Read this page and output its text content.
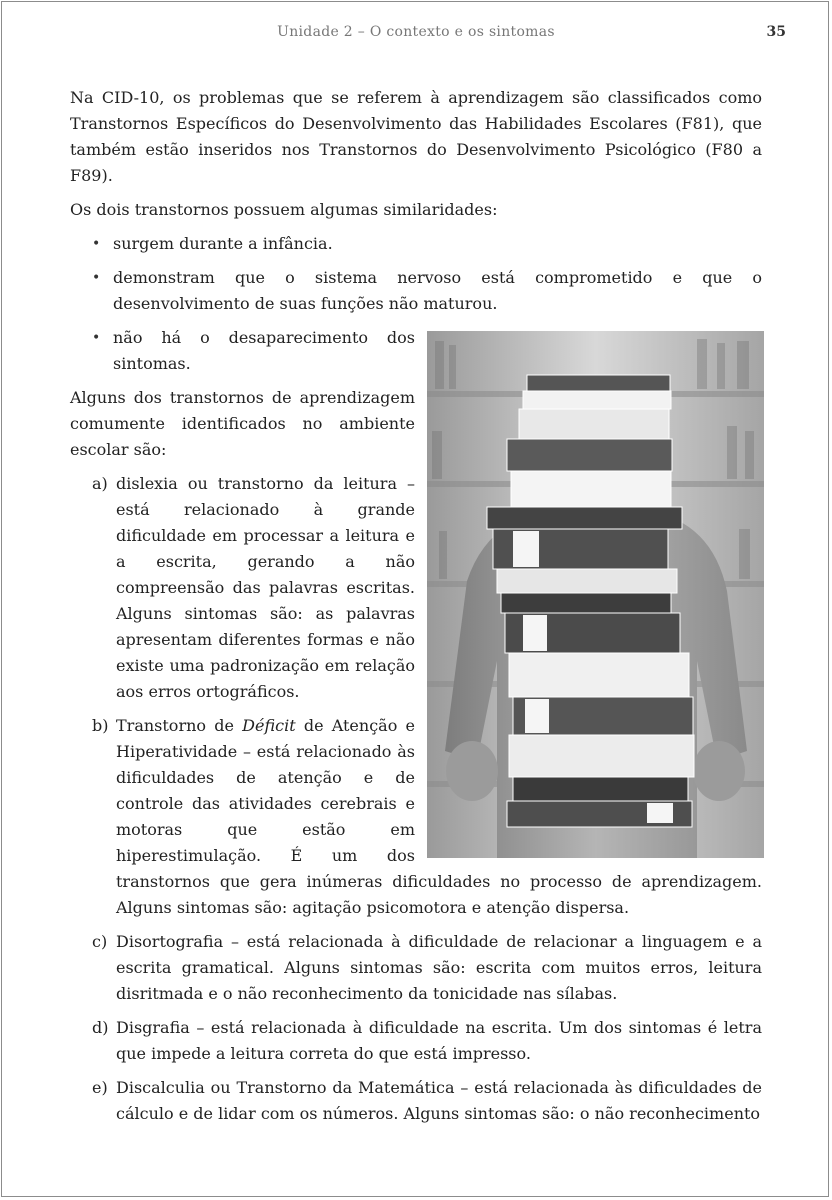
Unidade 2 – O contexto e os sintomas	35

Na CID-10, os problemas que se referem à aprendizagem são classificados como Transtornos Específicos do Desenvolvimento das Habilidades Escolares (F81), que também estão inseridos nos Transtornos do Desenvolvimento Psicológico (F80 a F89).

Os dois transtornos possuem algumas similaridades:

• surgem durante a infância.
• demonstram que o sistema nervoso está comprometido e que o desenvolvimento de suas funções não maturou.
• não há o desaparecimento dos sintomas.

Alguns dos transtornos de aprendizagem comumente identificados no ambiente escolar são:

a) dislexia ou transtorno da leitura – está relacionado à grande dificuldade em processar a leitura e a escrita, gerando a não compreensão das palavras escritas. Alguns sintomas são: as palavras apresentam diferentes formas e não existe uma padronização em relação aos erros ortográficos.
b) Transtorno de Déficit de Atenção e Hiperatividade – está relacionado às dificuldades de atenção e de controle das atividades cerebrais e motoras que estão em hiperestimulação. É um dos transtornos que gera inúmeras dificuldades no processo de aprendizagem. Alguns sintomas são: agitação psicomotora e atenção dispersa.
c) Disortografia – está relacionada à dificuldade de relacionar a linguagem e a escrita gramatical. Alguns sintomas são: escrita com muitos erros, leitura disritmada e o não reconhecimento da tonicidade nas sílabas.
d) Disgrafia – está relacionada à dificuldade na escrita. Um dos sintomas é letra que impede a leitura correta do que está impresso.
e) Discalculia ou Transtorno da Matemática – está relacionada às dificuldades de cálculo e de lidar com os números. Alguns sintomas são: o não reconhecimento
